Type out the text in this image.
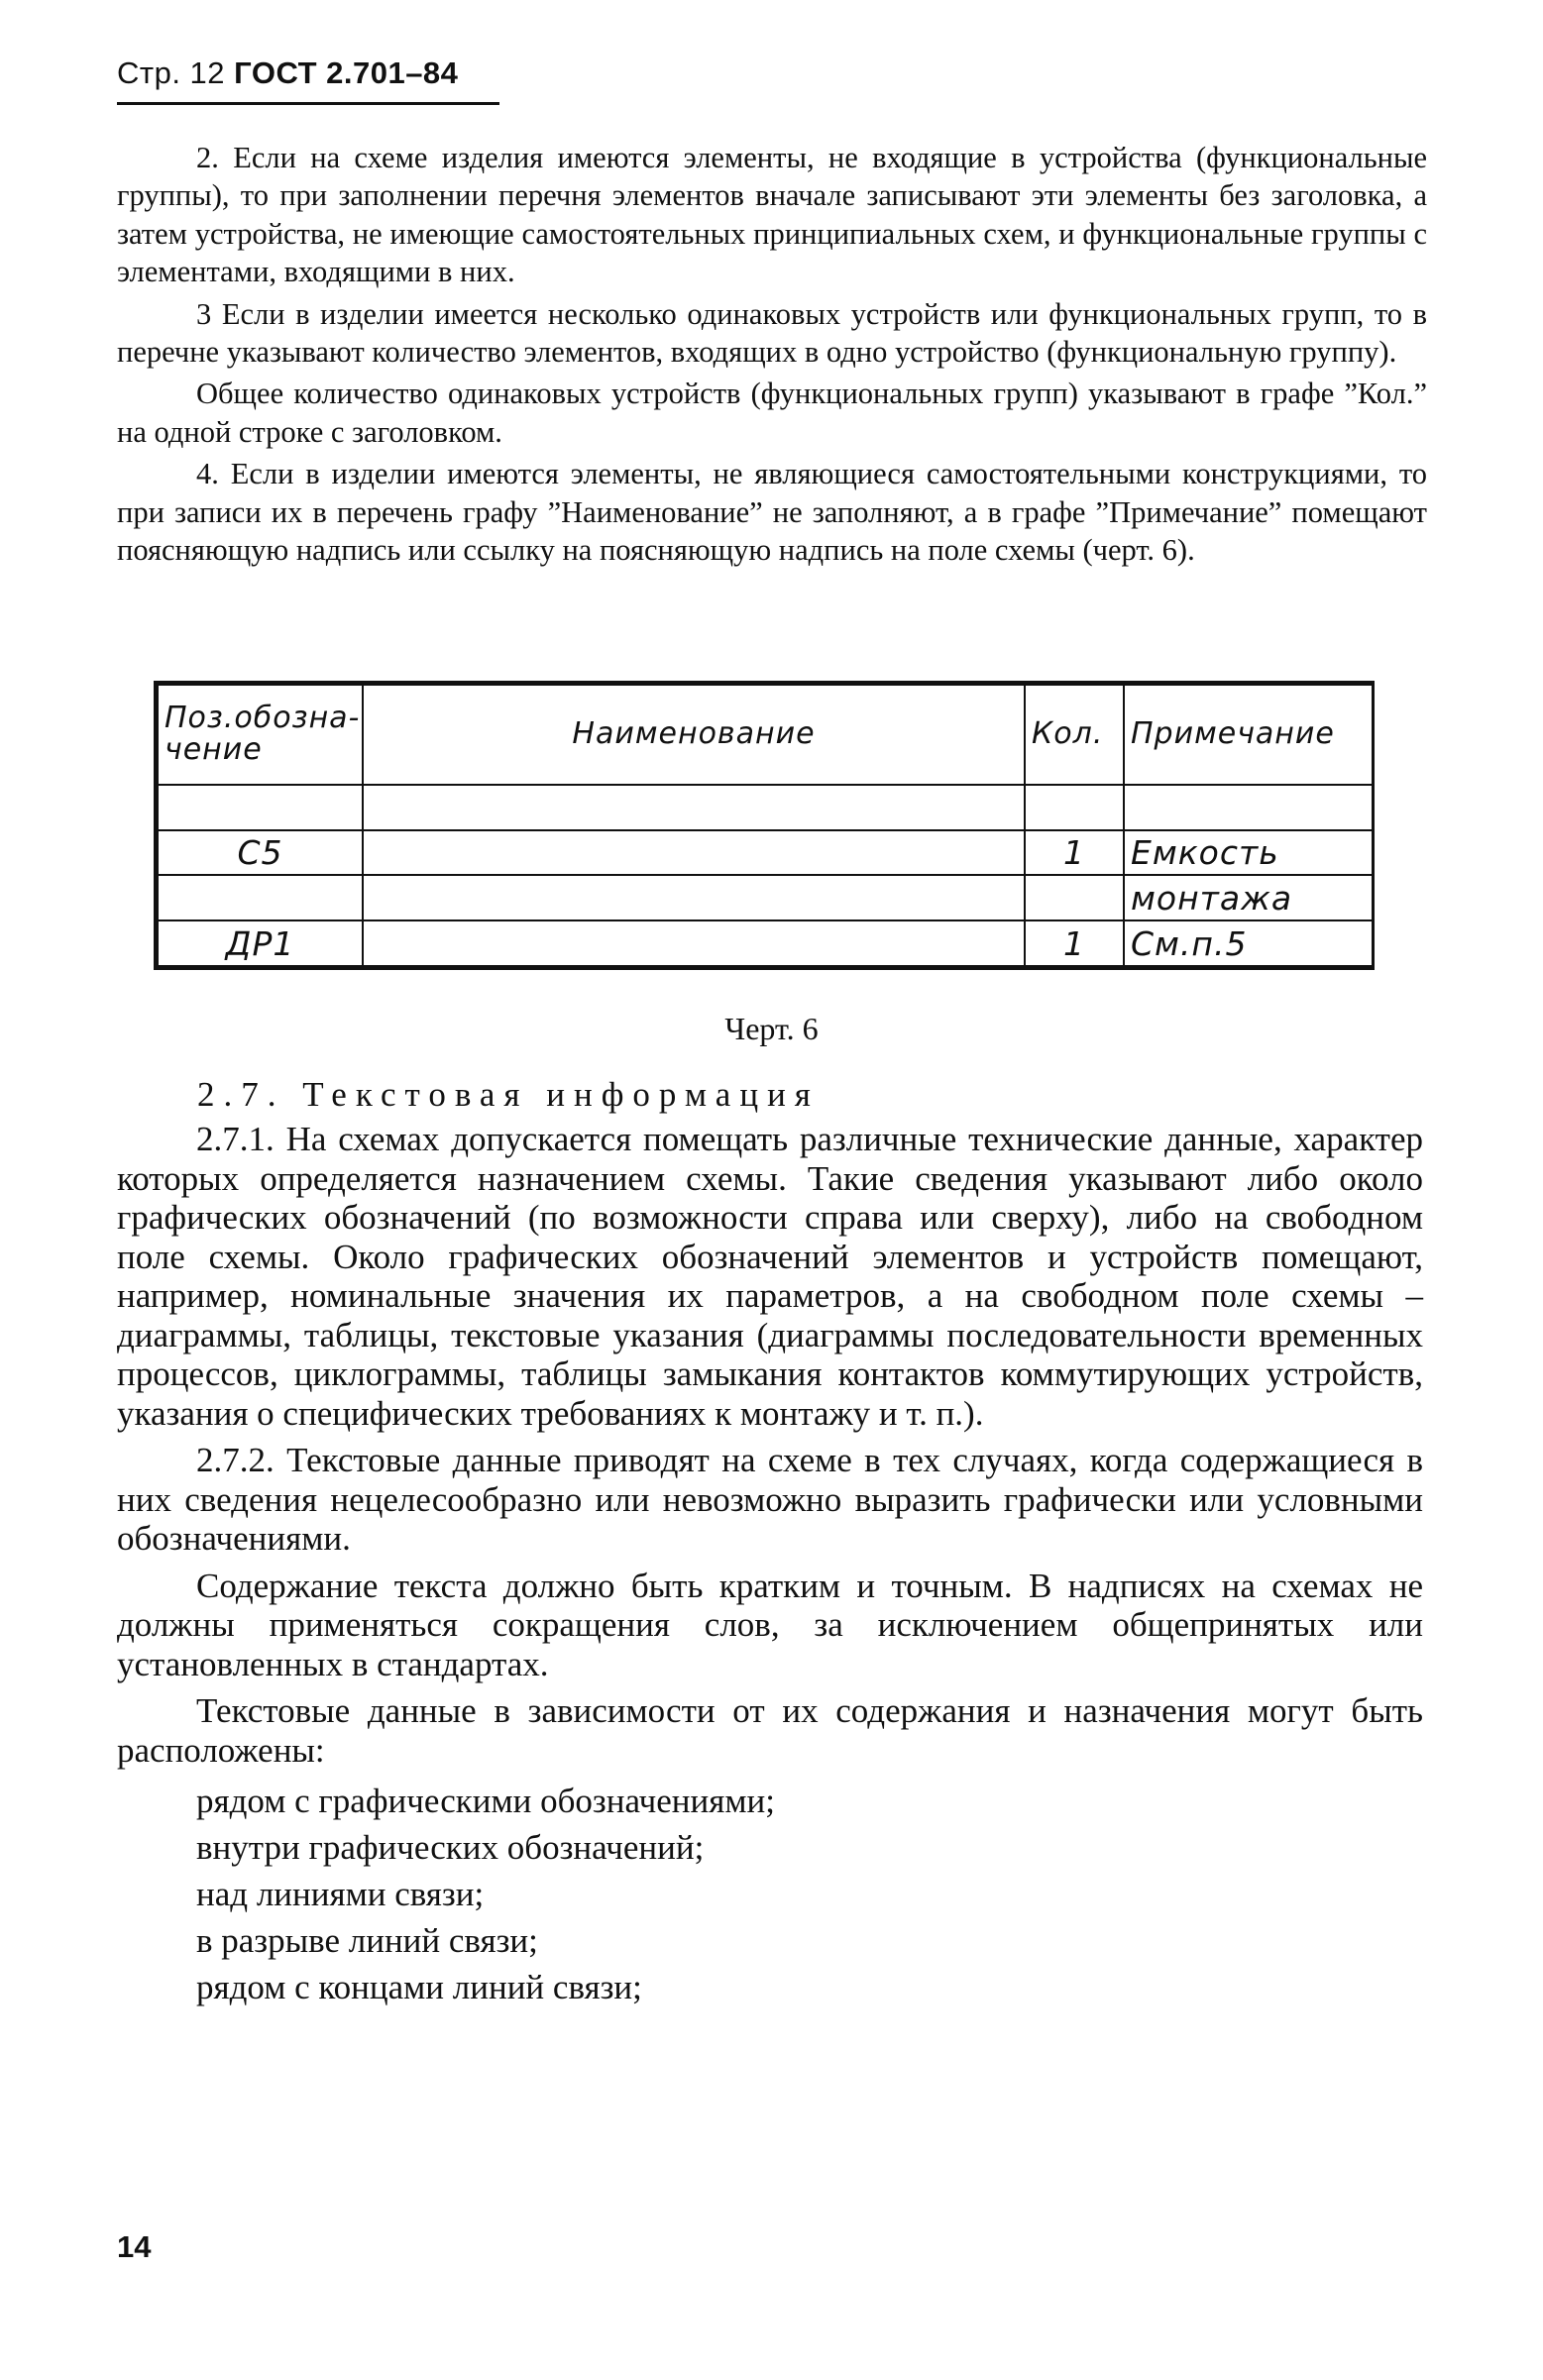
Стр. 12 ГОСТ 2.701–84

2. Если на схеме изделия имеются элементы, не входящие в устройства (функциональные группы), то при заполнении перечня элементов вначале записывают эти элементы без заголовка, а затем устройства, не имеющие самостоятельных принципиальных схем, и функциональные группы с элементами, входящими в них.

3 Если в изделии имеется несколько одинаковых устройств или функциональных групп, то в перечне указывают количество элементов, входящих в одно устройство (функциональную группу).

Общее количество одинаковых устройств (функциональных групп) указывают в графе ”Кол.” на одной строке с заголовком.

4. Если в изделии имеются элементы, не являющиеся самостоятельными конструкциями, то при записи их в перечень графу ”Наименование” не заполняют, а в графе ”Примечание” помещают поясняющую надпись или ссылку на поясняющую надпись на поле схемы (черт. 6).

Поз.обозна-чение	Наименование	Кол.	Примечание

С5		1	Емкость
			монтажа
ДР1		1	См.п.5
Черт. 6
2.7. Текстовая информация

2.7.1. На схемах допускается помещать различные технические данные, характер которых определяется назначением схемы. Такие сведения указывают либо около графических обозначений (по возможности справа или сверху), либо на свободном поле схемы. Около графических обозначений элементов и устройств помещают, например, номинальные значения их параметров, а на свободном поле схемы – диаграммы, таблицы, текстовые указания (диаграммы последовательности временных процессов, циклограммы, таблицы замыкания контактов коммутирующих устройств, указания о специфических требованиях к монтажу и т. п.).

2.7.2. Текстовые данные приводят на схеме в тех случаях, когда содержащиеся в них сведения нецелесообразно или невозможно выразить графически или условными обозначениями.

Содержание текста должно быть кратким и точным. В надписях на схемах не должны применяться сокращения слов, за исключением общепринятых или установленных в стандартах.

Текстовые данные в зависимости от их содержания и назначения могут быть расположены:

рядом с графическими обозначениями;
внутри графических обозначений;
над линиями связи;
в разрыве линий связи;
рядом с концами линий связи;
14
